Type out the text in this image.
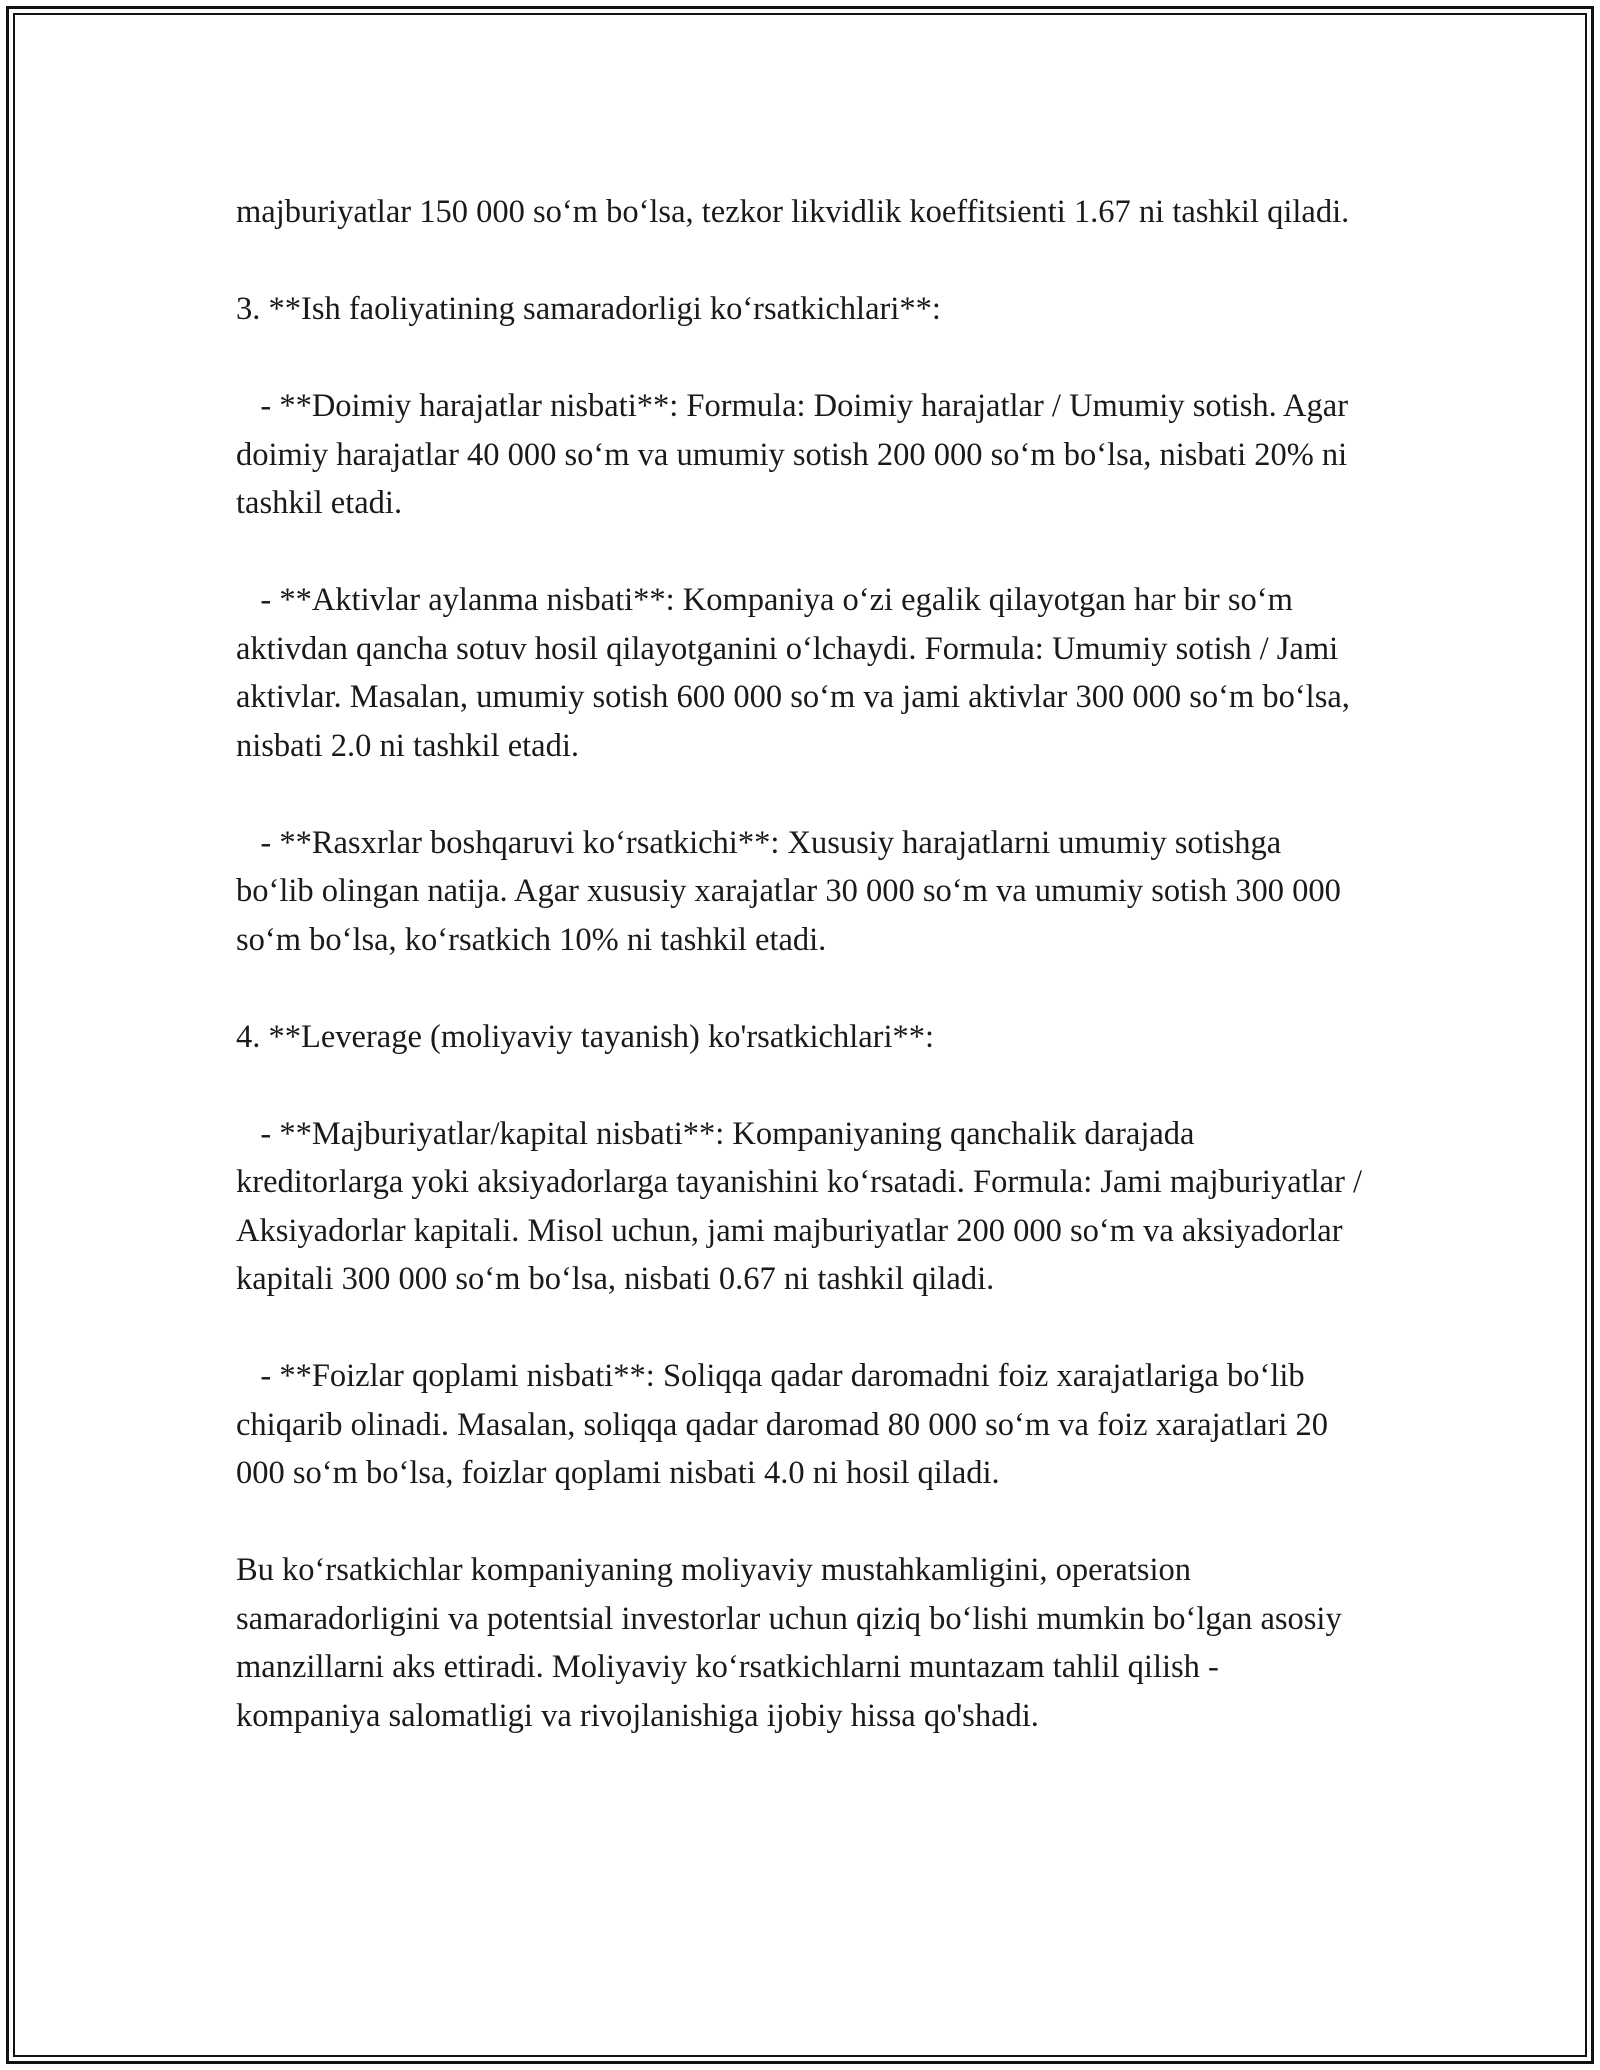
majburiyatlar 150 000 so‘m bo‘lsa, tezkor likvidlik koeffitsienti 1.67 ni tashkil qiladi.

3. **Ish faoliyatining samaradorligi ko‘rsatkichlari**:

- **Doimiy harajatlar nisbati**: Formula: Doimiy harajatlar / Umumiy sotish. Agar doimiy harajatlar 40 000 so‘m va umumiy sotish 200 000 so‘m bo‘lsa, nisbati 20% ni tashkil etadi.

- **Aktivlar aylanma nisbati**: Kompaniya o‘zi egalik qilayotgan har bir so‘m aktivdan qancha sotuv hosil qilayotganini o‘lchaydi. Formula: Umumiy sotish / Jami aktivlar. Masalan, umumiy sotish 600 000 so‘m va jami aktivlar 300 000 so‘m bo‘lsa, nisbati 2.0 ni tashkil etadi.

- **Rasxrlar boshqaruvi ko‘rsatkichi**: Xususiy harajatlarni umumiy sotishga bo‘lib olingan natija. Agar xususiy xarajatlar 30 000 so‘m va umumiy sotish 300 000 so‘m bo‘lsa, ko‘rsatkich 10% ni tashkil etadi.

4. **Leverage (moliyaviy tayanish) ko'rsatkichlari**:

- **Majburiyatlar/kapital nisbati**: Kompaniyaning qanchalik darajada kreditorlarga yoki aksiyadorlarga tayanishini ko‘rsatadi. Formula: Jami majburiyatlar / Aksiyadorlar kapitali. Misol uchun, jami majburiyatlar 200 000 so‘m va aksiyadorlar kapitali 300 000 so‘m bo‘lsa, nisbati 0.67 ni tashkil qiladi.

- **Foizlar qoplami nisbati**: Soliqqa qadar daromadni foiz xarajatlariga bo‘lib chiqarib olinadi. Masalan, soliqqa qadar daromad 80 000 so‘m va foiz xarajatlari 20 000 so‘m bo‘lsa, foizlar qoplami nisbati 4.0 ni hosil qiladi.

Bu ko‘rsatkichlar kompaniyaning moliyaviy mustahkamligini, operatsion samaradorligini va potentsial investorlar uchun qiziq bo‘lishi mumkin bo‘lgan asosiy manzillarni aks ettiradi. Moliyaviy ko‘rsatkichlarni muntazam tahlil qilish - kompaniya salomatligi va rivojlanishiga ijobiy hissa qo'shadi.
